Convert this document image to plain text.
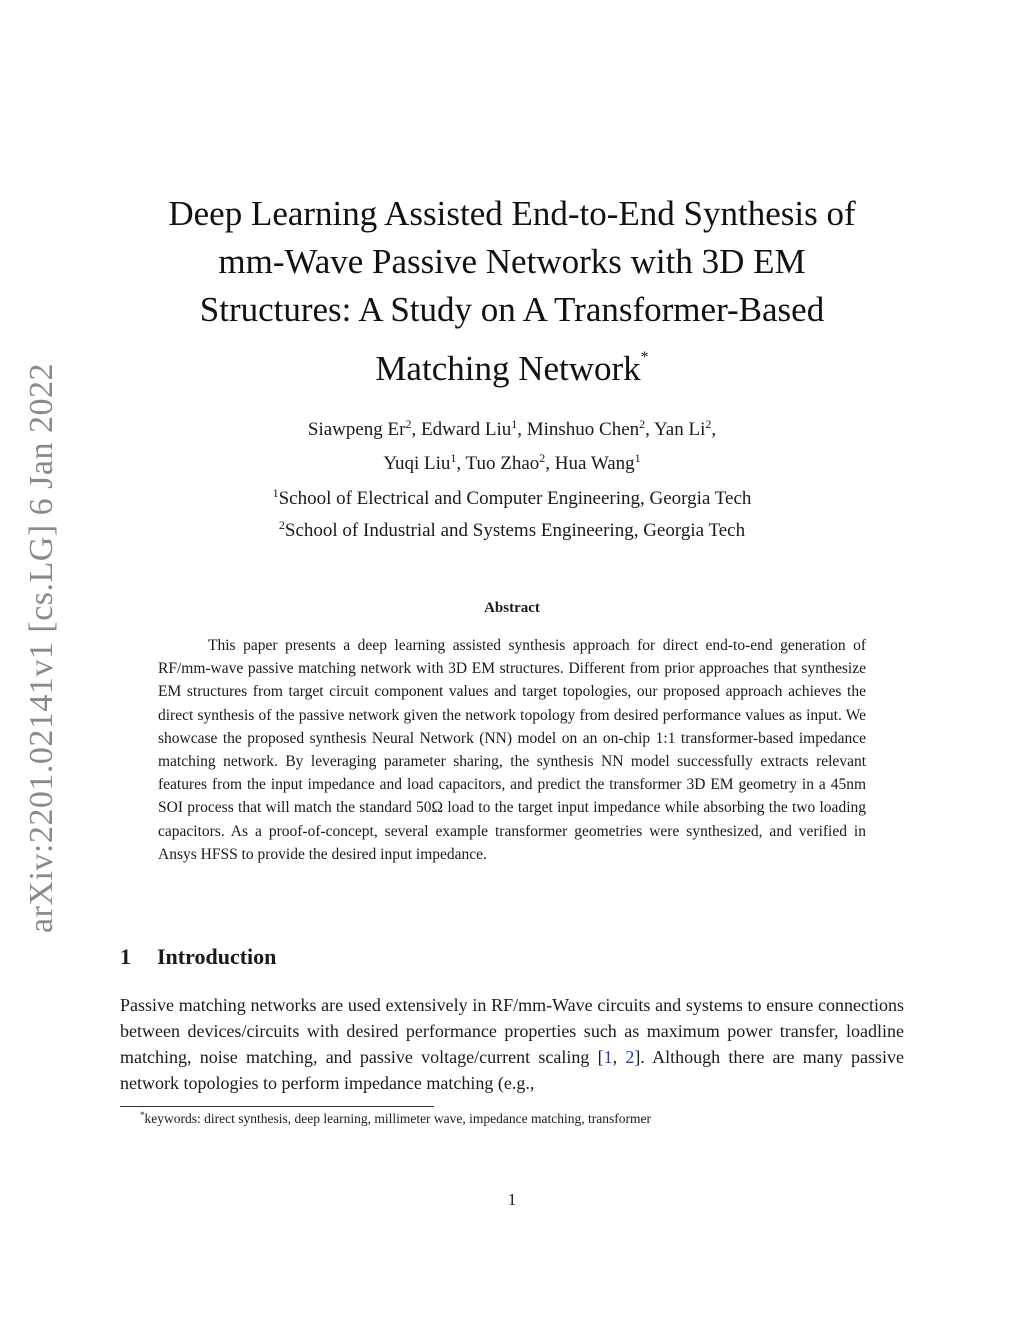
arXiv:2201.02141v1 [cs.LG] 6 Jan 2022
Deep Learning Assisted End-to-End Synthesis of
mm-Wave Passive Networks with 3D EM
Structures: A Study on A Transformer-Based
Matching Network*
Siawpeng Er$^2$, Edward Liu$^1$, Minshuo Chen$^2$, Yan Li$^2$,
Yuqi Liu$^1$, Tuo Zhao$^2$, Hua Wang$^1$
$^1$School of Electrical and Computer Engineering, Georgia Tech
$^2$School of Industrial and Systems Engineering, Georgia Tech
Abstract
This paper presents a deep learning assisted synthesis approach for direct end-to-end generation of RF/mm-wave passive matching network with 3D EM structures. Different from prior approaches that synthesize EM structures from target circuit component values and target topologies, our proposed approach achieves the direct synthesis of the passive network given the network topology from desired performance values as input. We showcase the proposed synthesis Neural Network (NN) model on an on-chip 1:1 transformer-based impedance matching network. By leveraging parameter sharing, the synthesis NN model successfully extracts relevant features from the input impedance and load capacitors, and predict the transformer 3D EM geometry in a 45nm SOI process that will match the standard 50Ω load to the target input impedance while absorbing the two loading capacitors. As a proof-of-concept, several example transformer geometries were synthesized, and verified in Ansys HFSS to provide the desired input impedance.
1 Introduction
Passive matching networks are used extensively in RF/mm-Wave circuits and systems to ensure connections between devices/circuits with desired performance properties such as maximum power transfer, loadline matching, noise matching, and passive voltage/current scaling [1, 2]. Although there are many passive network topologies to perform impedance matching (e.g.,
*keywords: direct synthesis, deep learning, millimeter wave, impedance matching, transformer
1
